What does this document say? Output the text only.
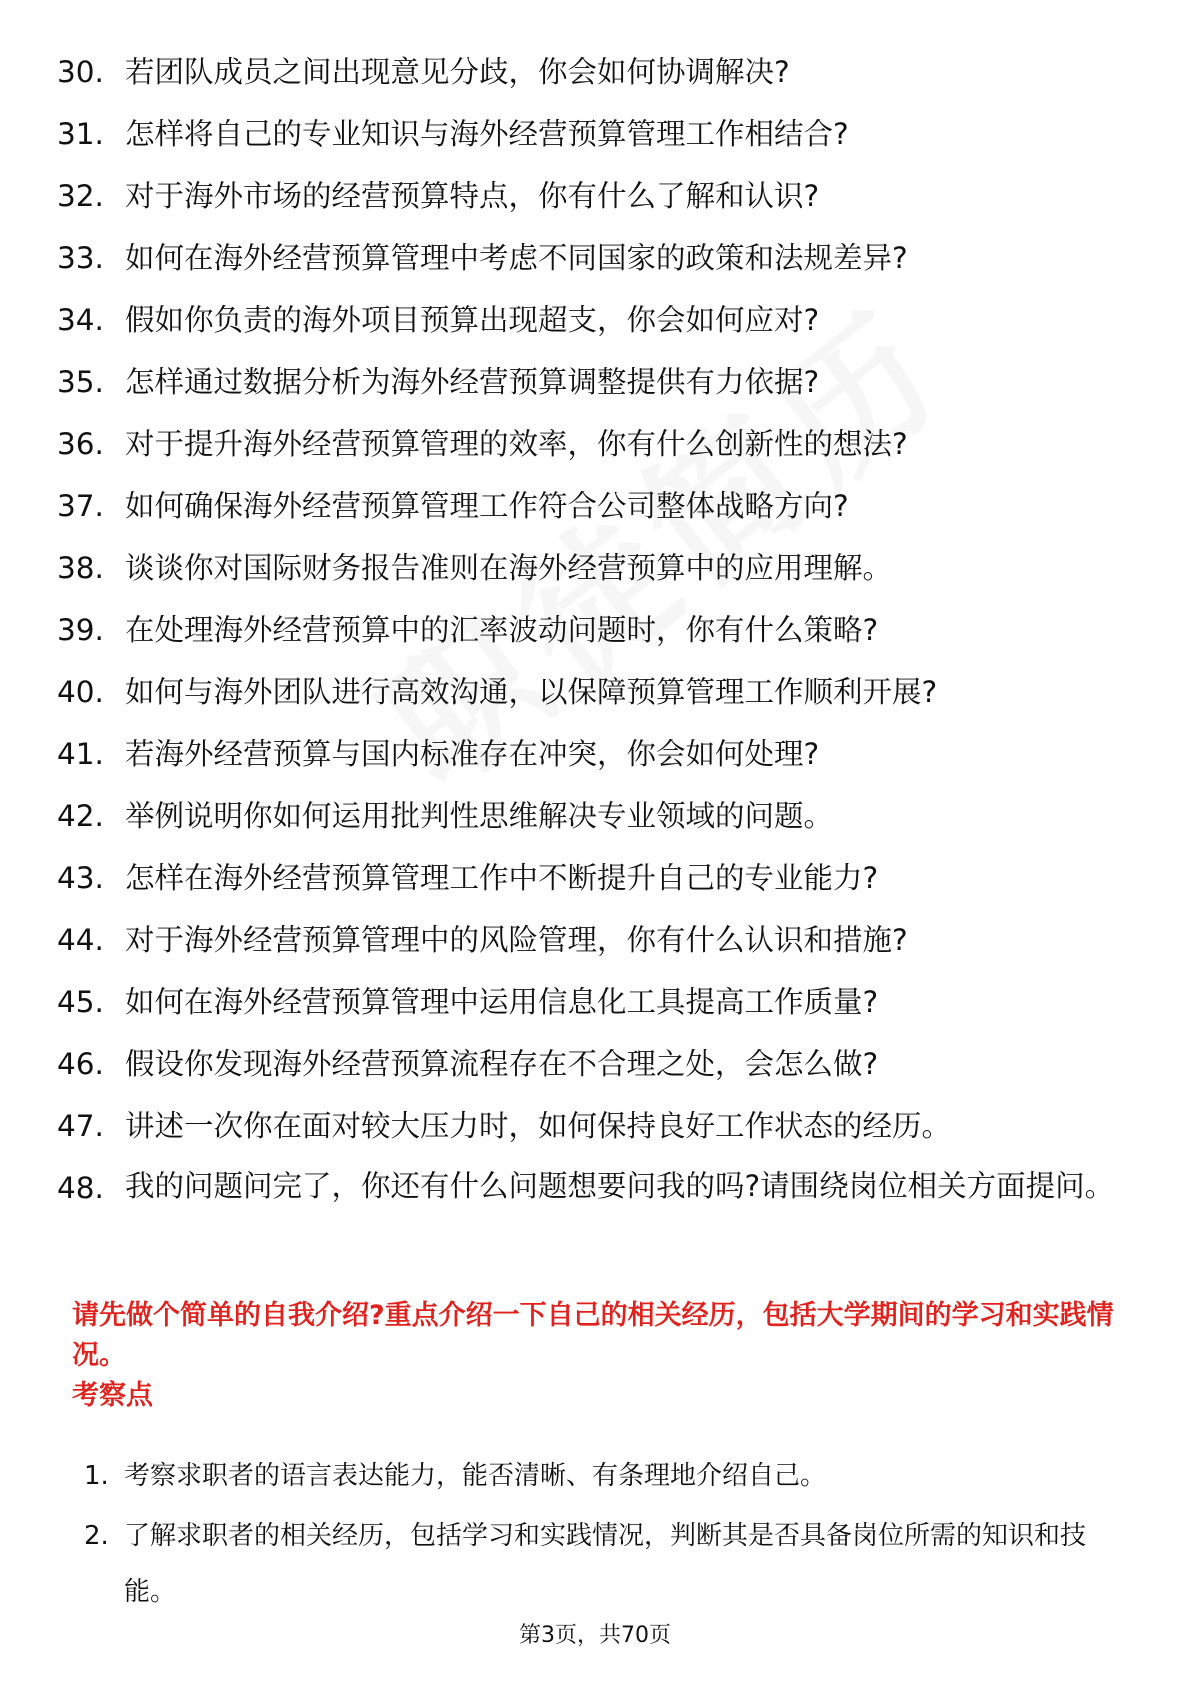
30. 若团队成员之间出现意见分歧，你会如何协调解决?
31. 怎样将自己的专业知识与海外经营预算管理工作相结合?
32. 对于海外市场的经营预算特点，你有什么了解和认识?
33. 如何在海外经营预算管理中考虑不同国家的政策和法规差异?
34. 假如你负责的海外项目预算出现超支，你会如何应对?
35. 怎样通过数据分析为海外经营预算调整提供有力依据?
36. 对于提升海外经营预算管理的效率，你有什么创新性的想法?
37. 如何确保海外经营预算管理工作符合公司整体战略方向?
38. 谈谈你对国际财务报告准则在海外经营预算中的应用理解。
39. 在处理海外经营预算中的汇率波动问题时，你有什么策略?
40. 如何与海外团队进行高效沟通，以保障预算管理工作顺利开展?
41. 若海外经营预算与国内标准存在冲突，你会如何处理?
42. 举例说明你如何运用批判性思维解决专业领域的问题。
43. 怎样在海外经营预算管理工作中不断提升自己的专业能力?
44. 对于海外经营预算管理中的风险管理，你有什么认识和措施?
45. 如何在海外经营预算管理中运用信息化工具提高工作质量?
46. 假设你发现海外经营预算流程存在不合理之处，会怎么做?
47. 讲述一次你在面对较大压力时，如何保持良好工作状态的经历。
48. 我的问题问完了，你还有什么问题想要问我的吗?请围绕岗位相关方面提问。

请先做个简单的自我介绍?重点介绍一下自己的相关经历，包括大学期间的学习和实践情况。

考察点

1. 考察求职者的语言表达能力，能否清晰、有条理地介绍自己。
2. 了解求职者的相关经历，包括学习和实践情况，判断其是否具备岗位所需的知识和技能。
第3页，共70页
